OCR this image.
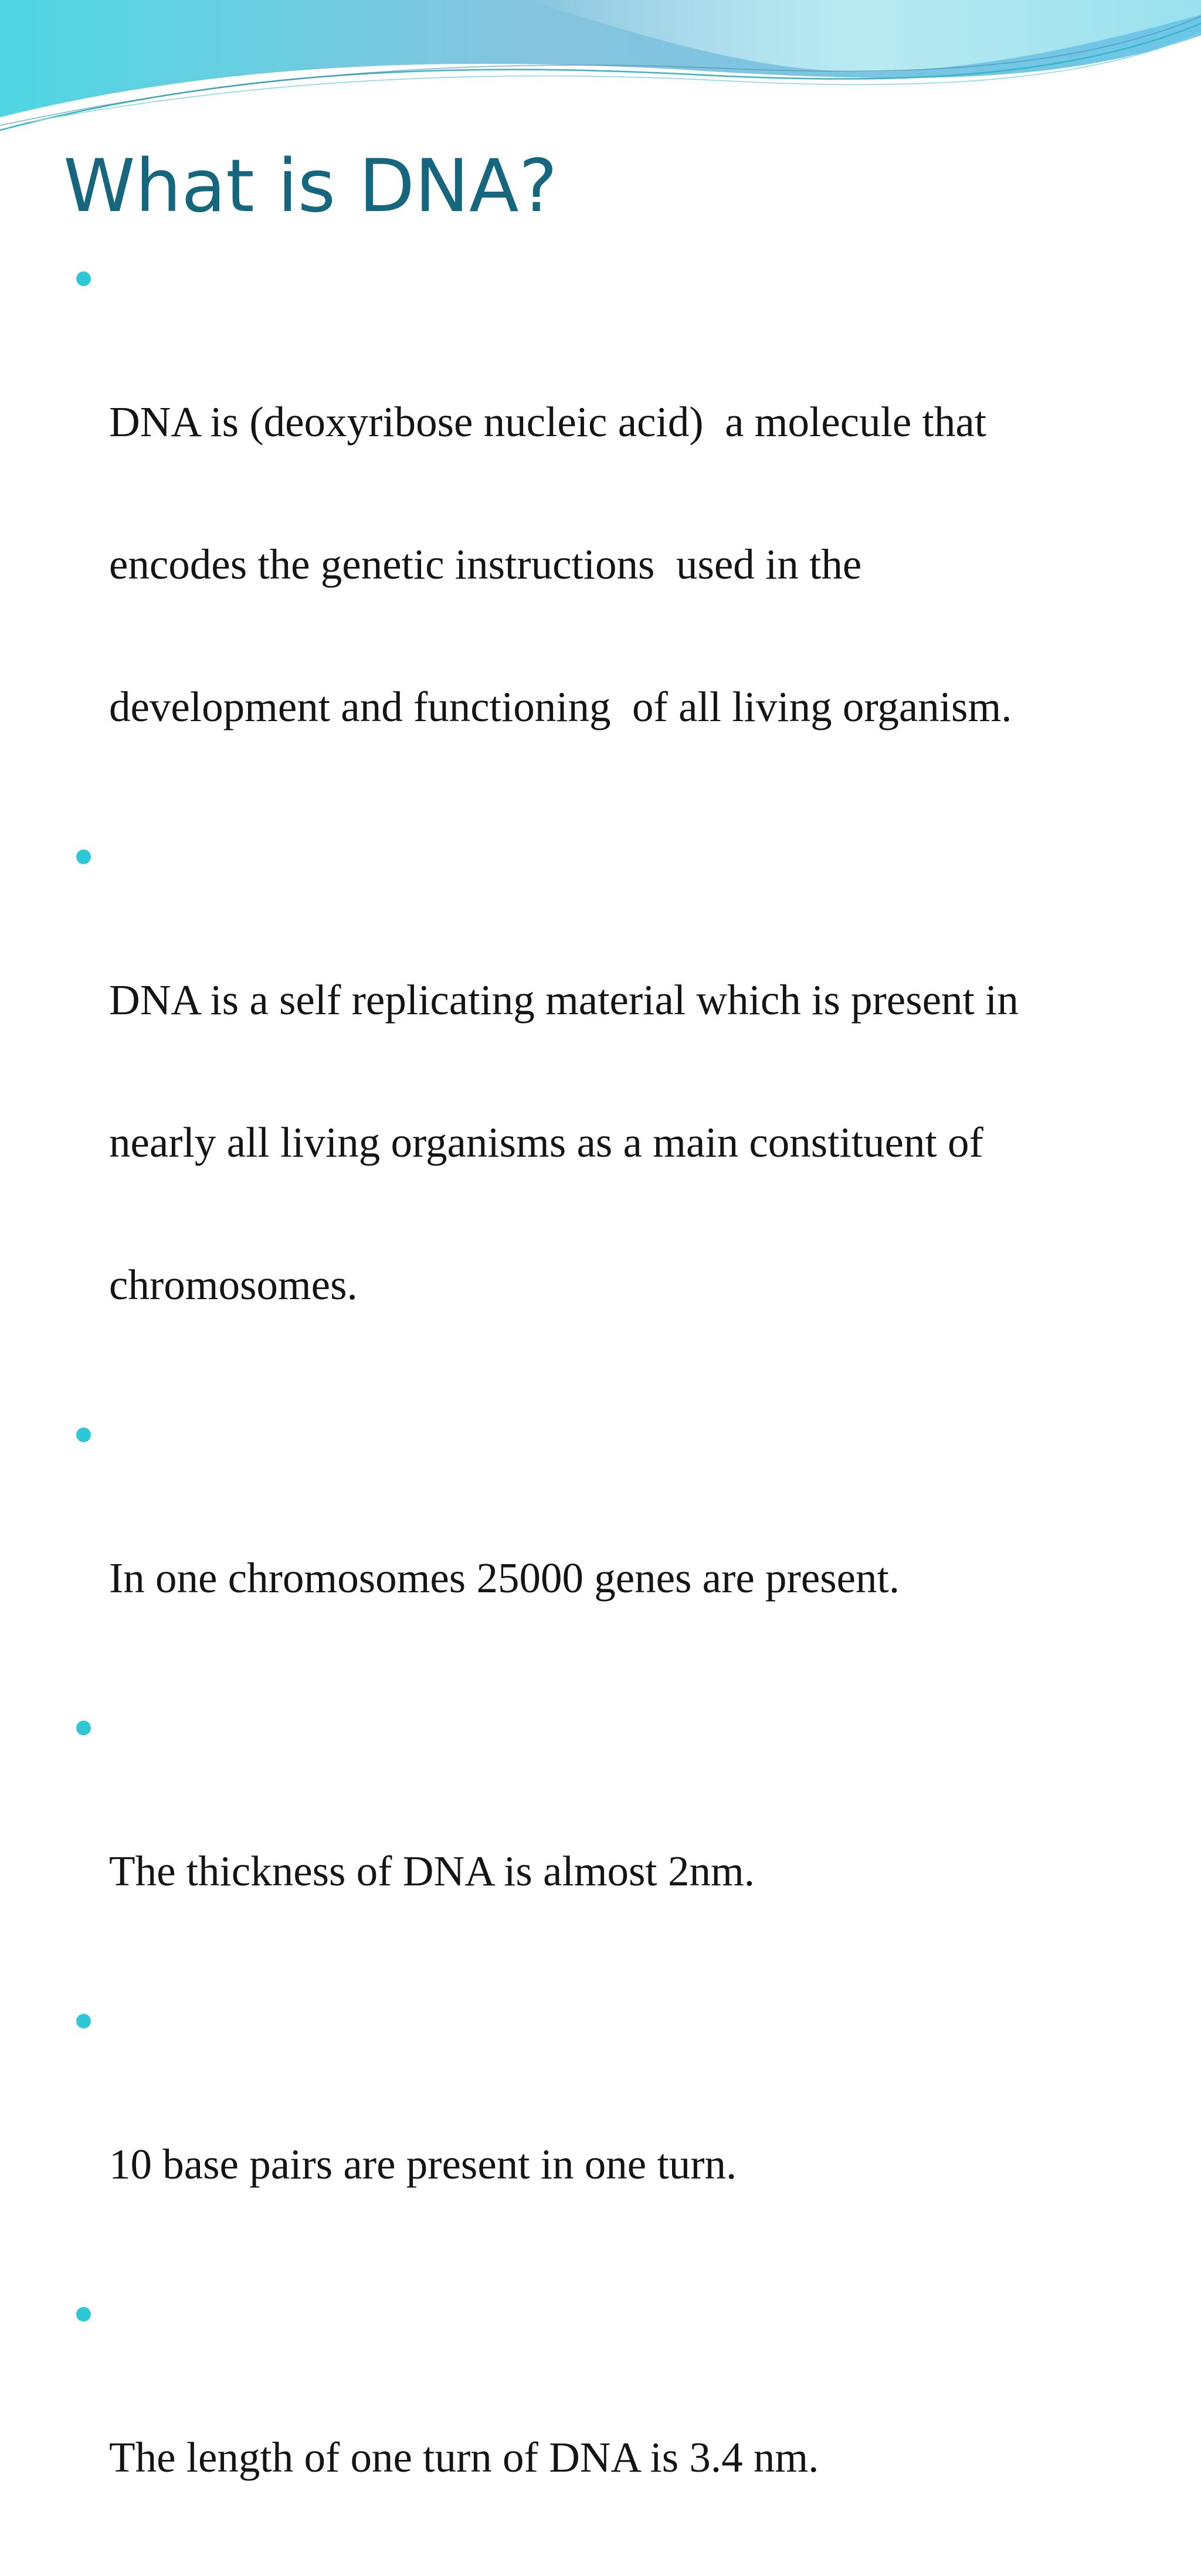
What is DNA?

DNA is (deoxyribose nucleic acid)  a molecule that

encodes the genetic instructions  used in the

development and functioning  of all living organism.

DNA is a self replicating material which is present in

nearly all living organisms as a main constituent of

chromosomes.

In one chromosomes 25000 genes are present.

The thickness of DNA is almost 2nm.

10 base pairs are present in one turn.

The length of one turn of DNA is 3.4 nm.
